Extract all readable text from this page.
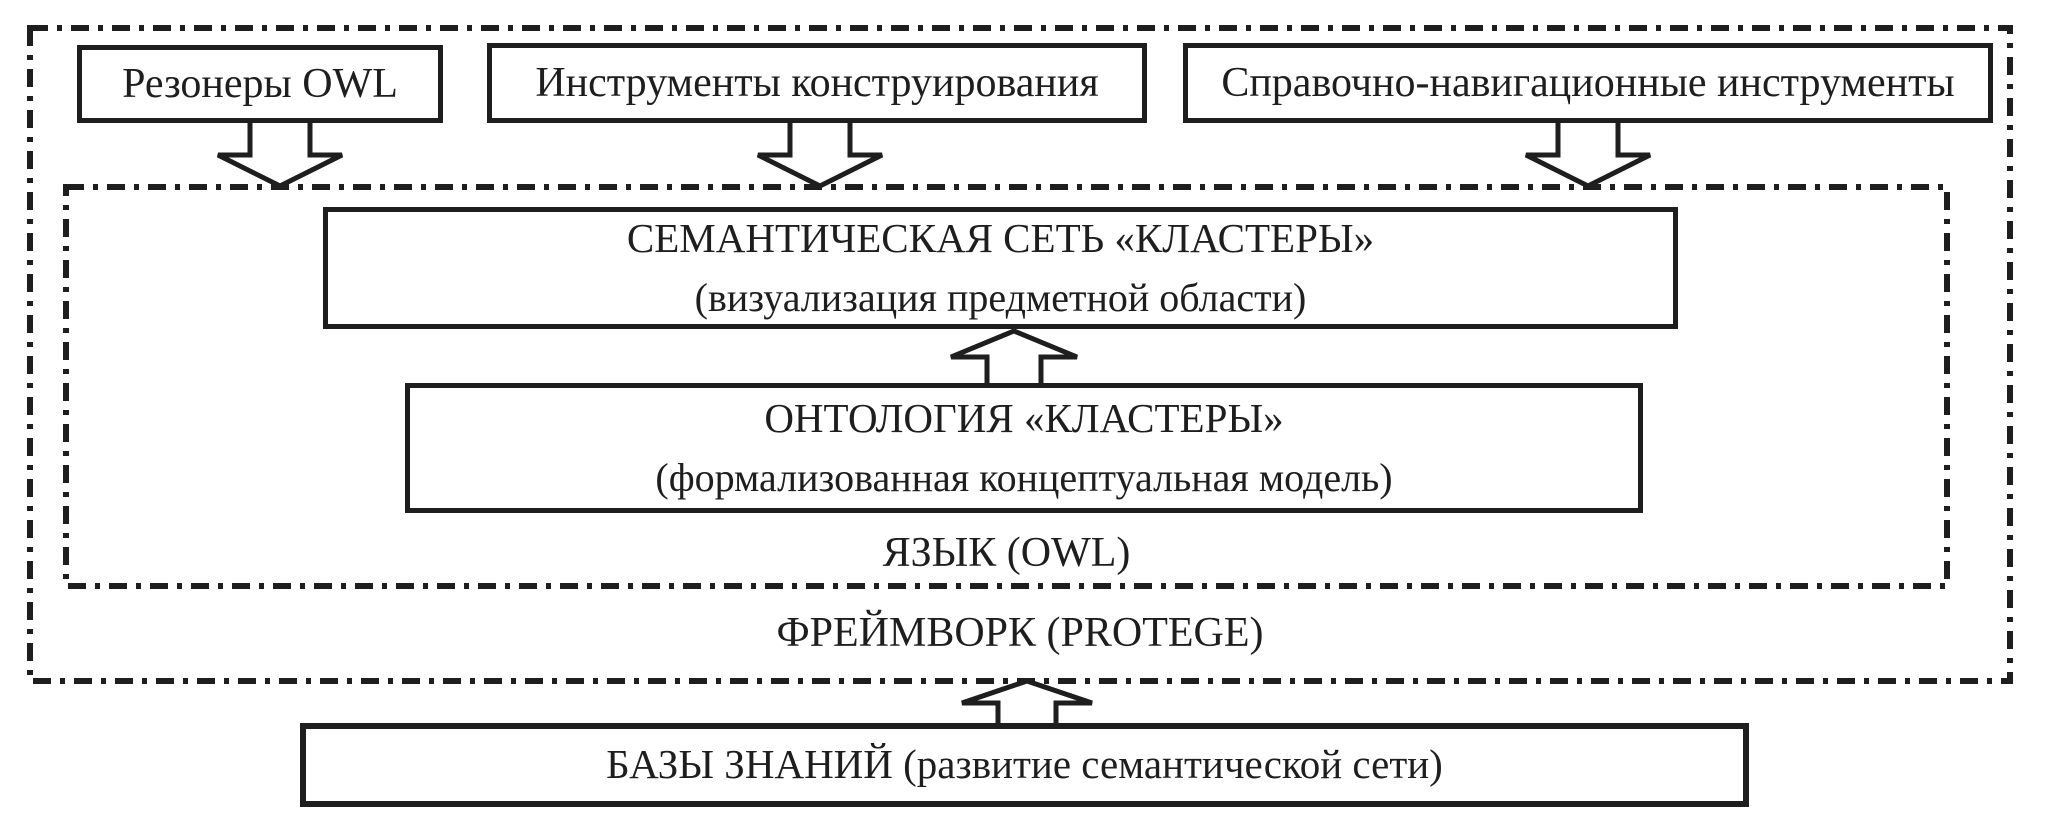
Резонеры OWL	Инструменты конструирования	Справочно-навигационные инструменты
СЕМАНТИЧЕСКАЯ СЕТЬ «КЛАСТЕРЫ»
(визуализация предметной области)
ОНТОЛОГИЯ «КЛАСТЕРЫ»
(формализованная концептуальная модель)
ЯЗЫК (OWL)
ФРЕЙМВОРК (PROTEGE)
БАЗЫ ЗНАНИЙ (развитие семантической сети)
